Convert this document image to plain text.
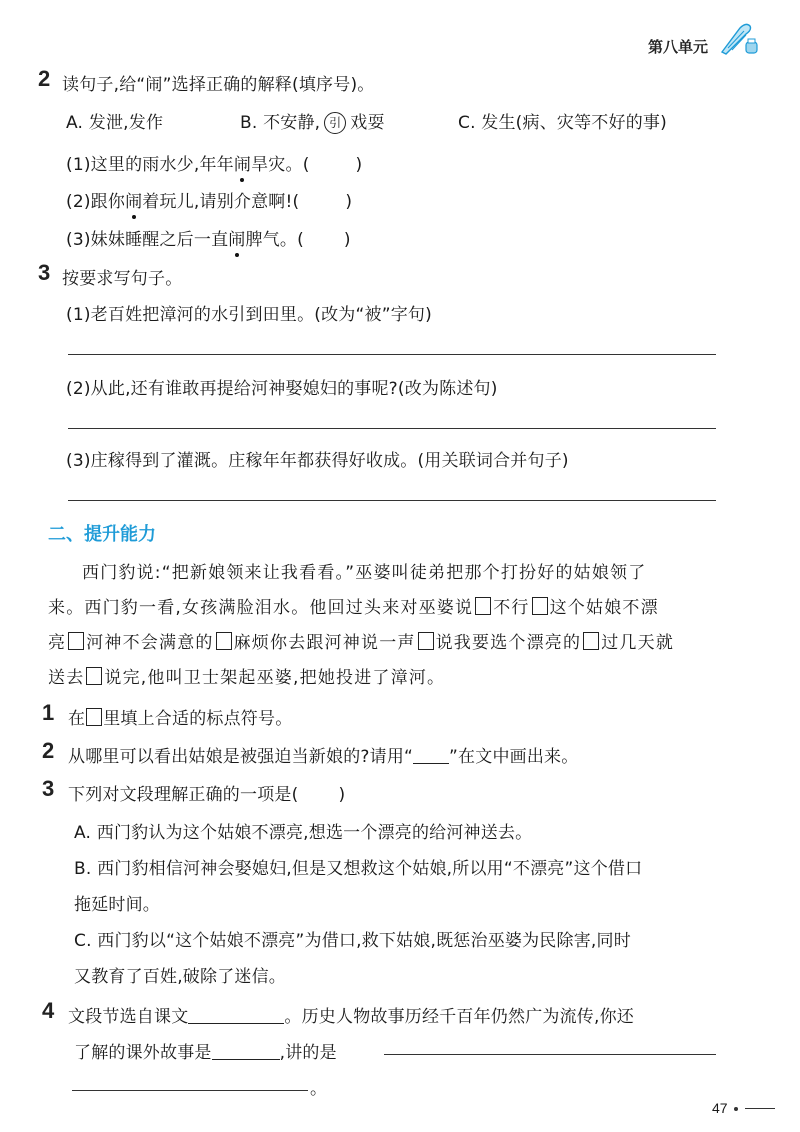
第八单元
2 读句子,给“闹”选择正确的解释(填序号)。
A. 发泄,发作	B. 不安静, 引 戏耍	C. 发生(病、灾等不好的事)
(1)这里的雨水少,年年闹旱灾。(	)
(2)跟你闹着玩儿,请别介意啊!(	)
(3)妹妹睡醒之后一直闹脾气。( )
3 按要求写句子。
(1)老百姓把漳河的水引到田里。(改为“被”字句)
(2)从此,还有谁敢再提给河神娶媳妇的事呢?(改为陈述句)
(3)庄稼得到了灌溉。庄稼年年都获得好收成。(用关联词合并句子)
二、提升能力
西门豹说:“把新娘领来让我看看。”巫婆叫徒弟把那个打扮好的姑娘领了
来。西门豹一看,女孩满脸泪水。他回过头来对巫婆说 不行 这个姑娘不漂
亮 河神不会满意的 麻烦你去跟河神说一声 说我要选个漂亮的 过几天就
送去 说完,他叫卫士架起巫婆,把她投进了漳河。
1 在 里填上合适的标点符号。
2 从哪里可以看出姑娘是被强迫当新娘的?请用“ ”在文中画出来。
3 下列对文段理解正确的一项是( )
A. 西门豹认为这个姑娘不漂亮,想选一个漂亮的给河神送去。
B. 西门豹相信河神会娶媳妇,但是又想救这个姑娘,所以用“不漂亮”这个借口
拖延时间。
C. 西门豹以“这个姑娘不漂亮”为借口,救下姑娘,既惩治巫婆为民除害,同时
又教育了百姓,破除了迷信。
4 文段节选自课文	。历史人物故事历经千百年仍然广为流传,你还
了解的课外故事是	,讲的是
。
47
